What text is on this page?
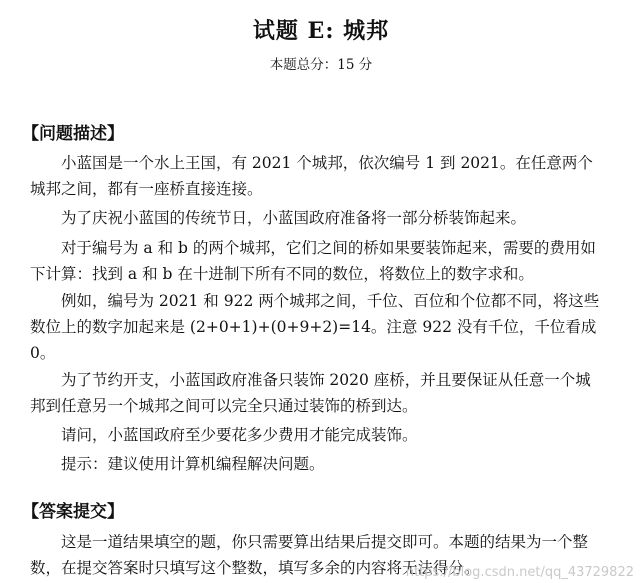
试题 E: 城邦
本题总分：15 分
【问题描述】

小蓝国是一个水上王国，有 2021 个城邦，依次编号 1 到 2021。在任意两个城邦之间，都有一座桥直接连接。

为了庆祝小蓝国的传统节日，小蓝国政府准备将一部分桥装饰起来。

对于编号为 a 和 b 的两个城邦，它们之间的桥如果要装饰起来，需要的费用如下计算：找到 a 和 b 在十进制下所有不同的数位，将数位上的数字求和。

例如，编号为 2021 和 922 两个城邦之间，千位、百位和个位都不同，将这些数位上的数字加起来是 (2+0+1)+(0+9+2)=14。注意 922 没有千位，千位看成 0。

为了节约开支，小蓝国政府准备只装饰 2020 座桥，并且要保证从任意一个城邦到任意另一个城邦之间可以完全只通过装饰的桥到达。

请问，小蓝国政府至少要花多少费用才能完成装饰。

提示：建议使用计算机编程解决问题。

【答案提交】

这是一道结果填空的题，你只需要算出结果后提交即可。本题的结果为一个整数，在提交答案时只填写这个整数，填写多余的内容将无法得分。

https://blog.csdn.net/qq_43729822
